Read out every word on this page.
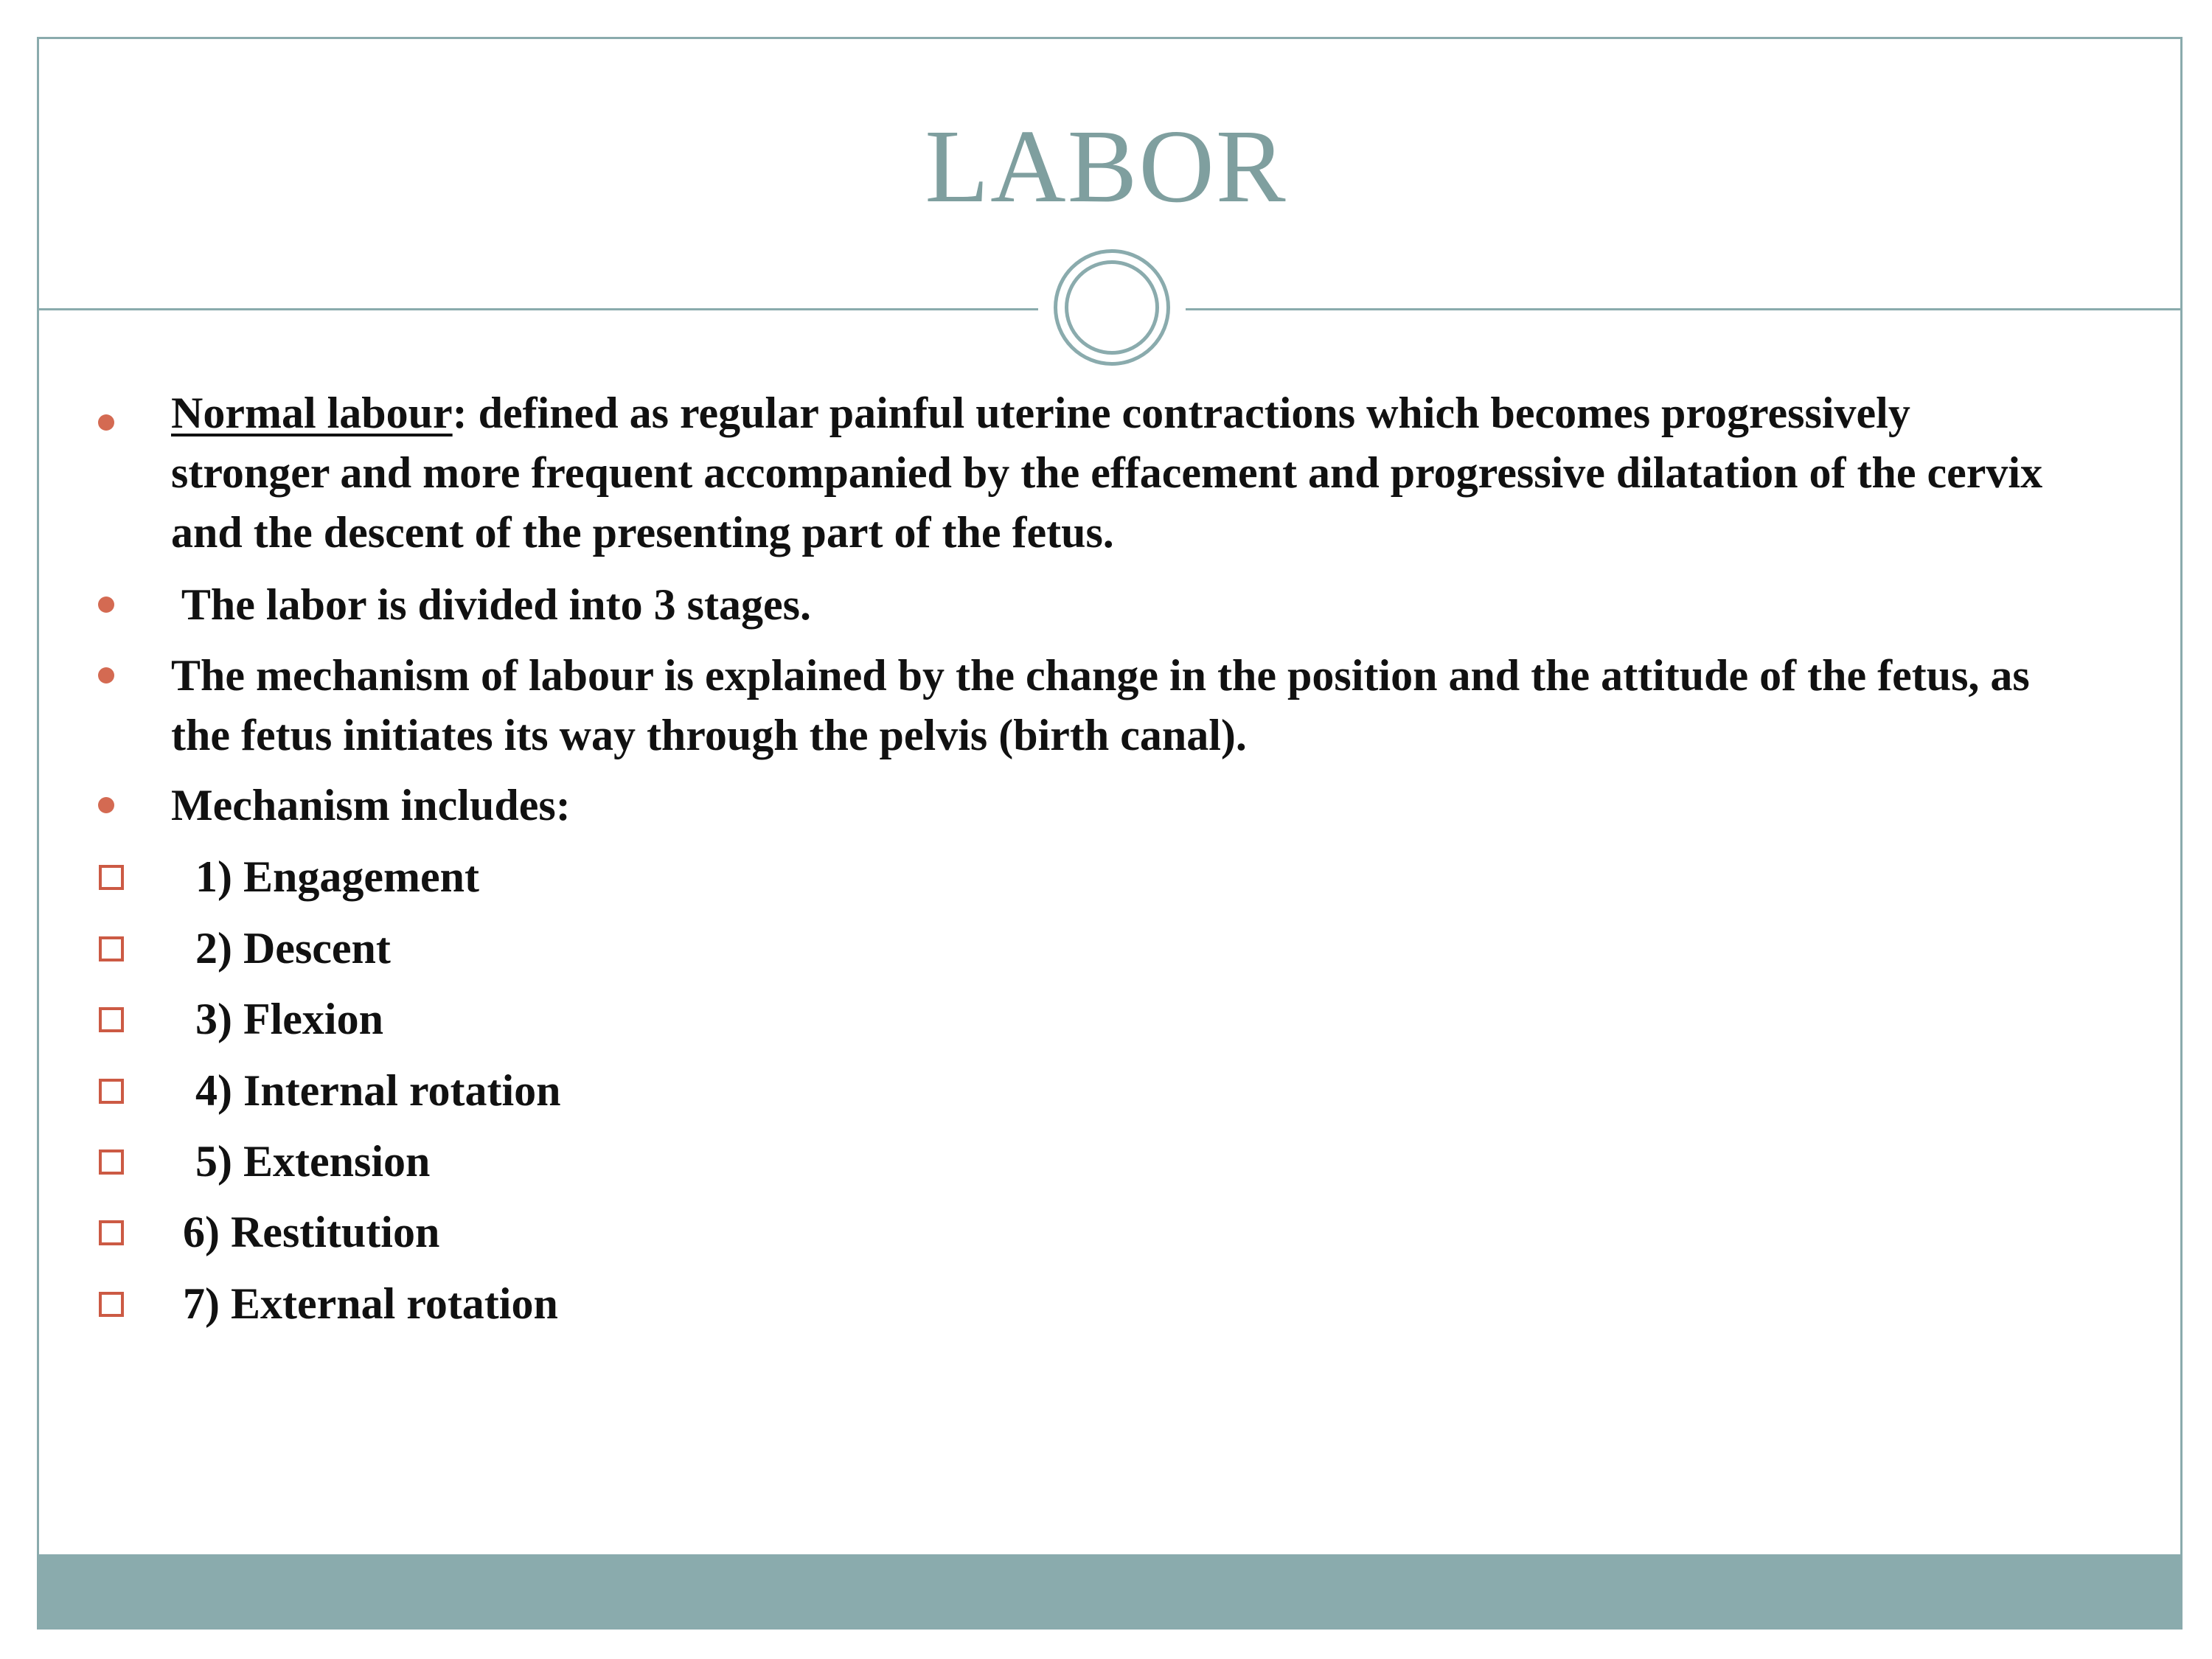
LABOR
Normal labour: defined as regular painful uterine contractions which becomes progressively stronger and more frequent accompanied by the effacement and progressive dilatation of the cervix and the descent of the presenting part of the fetus.
The labor is divided into 3 stages.
The mechanism of labour is explained by the change in the position and the attitude of the fetus, as the fetus initiates its way through the pelvis (birth canal).
Mechanism includes:
1) Engagement
2) Descent
3) Flexion
4) Internal rotation
5) Extension
6) Restitution
7) External rotation
